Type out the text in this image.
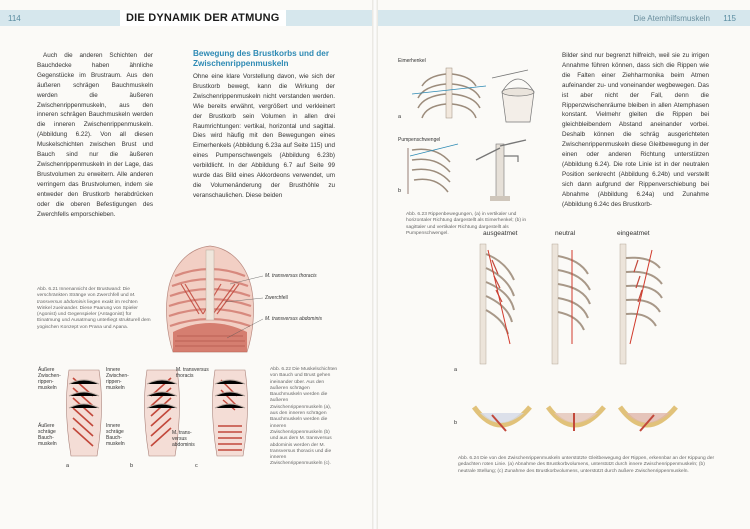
114	DIE DYNAMIK DER ATMUNG

Auch die anderen Schichten der Bauchdecke haben ähnliche Gegenstücke im Brustraum. Aus den äußeren schrägen Bauchmuskeln werden die äußeren Zwischenrippenmuskeln, aus den inneren schrägen Bauchmuskeln werden die inneren Zwischenrippenmuskeln. (Abbildung 6.22). Von all diesen Muskelschichten zwischen Brust und Bauch sind nur die äußeren Zwischenrippenmuskeln in der Lage, das Brustvolumen zu erweitern. Alle anderen verringern das Brustvolumen, indem sie entweder den Brustkorb herabdrücken oder die oberen Befestigungen des Zwerchfells emporschieben.

Bewegung des Brustkorbs und der Zwischenrippenmuskeln

Ohne eine klare Vorstellung davon, wie sich der Brustkorb bewegt, kann die Wirkung der Zwischenrippenmuskeln nicht verstanden werden. Wie bereits erwähnt, vergrößert und verkleinert der Brustkorb sein Volumen in allen drei Raumrichtungen: vertikal, horizontal und sagittal. Dies wird häufig mit den Bewegungen eines Eimerhenkels (Abbildung 6.23a auf Seite 115) und eines Pumpenschwengels (Abbildung 6.23b) verbildlicht. In der Abbildung 6.7 auf Seite 99 wurde das Bild eines Akkordeons verwendet, um die Volumenänderung der Brusthöhle zu veranschaulichen. Diese beiden

Abb. 6.21 Innenansicht der Brustwand: Die verschränkten Stränge von Zwerchfell und M. transversus abdominis liegen exakt im rechten Winkel zueinander. Diese Paarung von Spieler (Agonist) und Gegenspieler (Antagonist) für Einatmung und Ausatmung unterliegt strukturell dem yogischen Konzept von Prana und Apana.
M. transversus thoracis
Zwerchfell
M. transversus abdominis
Äußere Zwischen-rippen-muskeln
Äußere schräge Bauch-muskeln
Innere Zwischen-rippen-muskeln
Innere schräge Bauch-muskeln
M. transversus thoracis
M. trans-versus abdominis
a	b	c
Abb. 6.22 Die Muskelschichten von Bauch und Brust gehen ineinander über. Aus den äußeren schrägen Bauchmuskeln werden die äußeren Zwischenrippenmuskeln (a), aus den inneren schrägen Bauchmuskeln werden die inneren Zwischenrippenmuskeln (b) und aus dem M. transversus abdominis werden der M. transversus thoracis und die inneren Zwischenrippenmuskeln (c).
Die Atemhilfsmuskeln	115
Eimerhenkel
Pumpenschwengel
a
b
Abb. 6.23 Rippenbewegungen, (a) in vertikaler und horizontaler Richtung dargestellt als Eimerhenkel; (b) in sagittaler und vertikaler Richtung dargestellt als Pumpenschwengel.

Bilder sind nur begrenzt hilfreich, weil sie zu irrigen Annahme führen können, dass sich die Rippen wie die Falten einer Ziehharmonika beim Atmen aufeinander zu- und voneinander wegbewegen. Das ist aber nicht der Fall, denn die Rippenzwischenräume bleiben in allen Atemphasen konstant. Vielmehr gleiten die Rippen bei gleichbleibendem Abstand aneinander vorbei. Deshalb können die schräg ausgerichteten Zwischenrippenmuskeln diese Gleitbewegung in der einen oder anderen Richtung unterstützen (Abbildung 6.24). Die rote Linie ist in der neutralen Position senkrecht (Abbildung 6.24b) und verstellt sich dann aufgrund der Rippenverschiebung bei Abnahme (Abbildung 6.24a) und Zunahme (Abbildung 6.24c des Brustkorb-

ausgeatmet	neutral	eingeatmet
a
b
Abb. 6.24 Die von den Zwischenrippenmuskeln unterstützte Gleitbewegung der Rippen, erkennbar an der Kippung der gedachten roten Linie. (a) Abnahme des Brustkorbvolumens, unterstützt durch innere Zwischenrippenmuskeln; (b) neutrale Stellung; (c) Zunahme des Brustkorbvolumens, unterstützt durch äußere Zwischenrippenmuskeln.
